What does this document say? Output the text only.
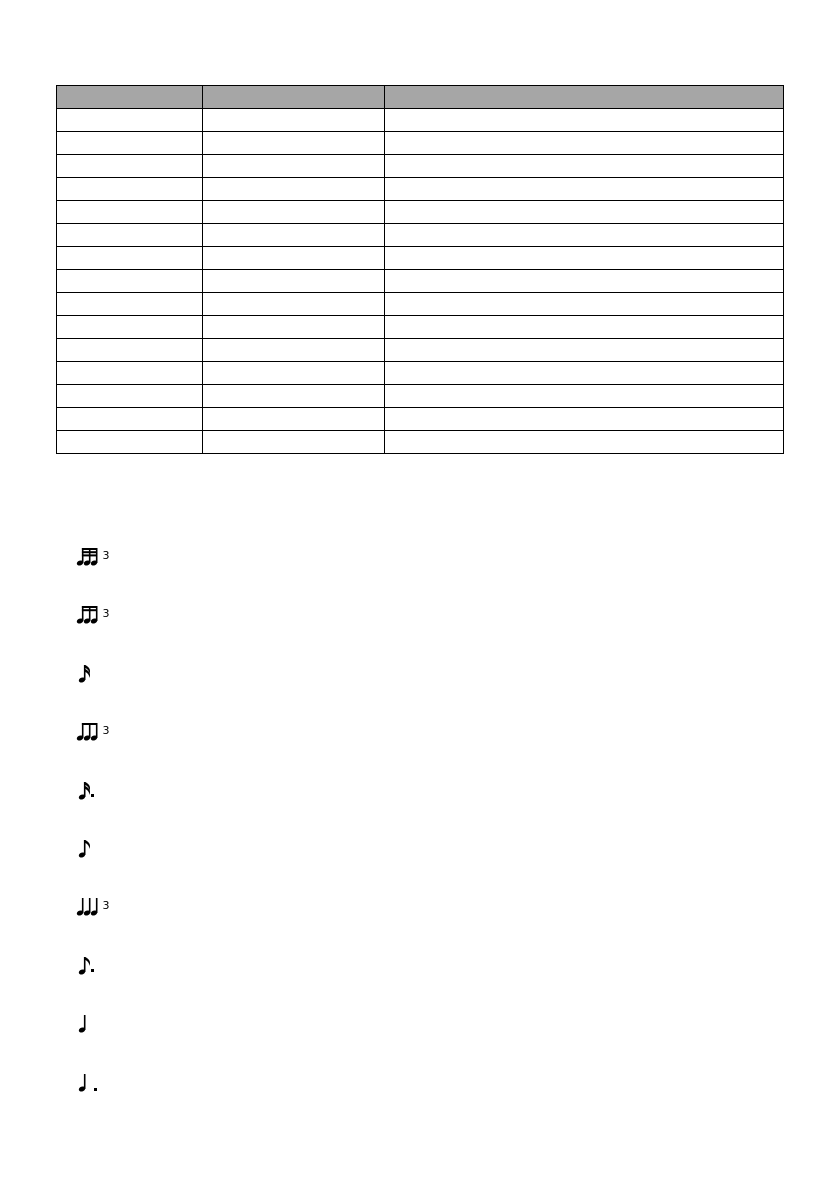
3
3
3
3
